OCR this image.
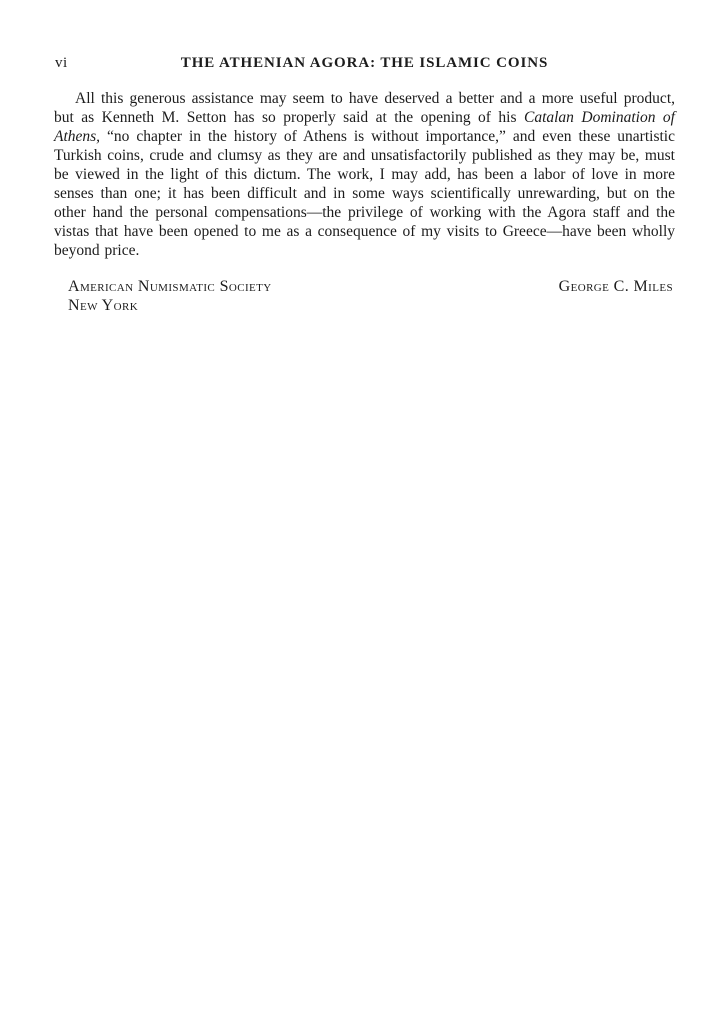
vi	THE ATHENIAN AGORA: THE ISLAMIC COINS

All this generous assistance may seem to have deserved a better and a more useful product, but as Kenneth M. Setton has so properly said at the opening of his Catalan Domination of Athens, “no chapter in the history of Athens is without importance,” and even these unartistic Turkish coins, crude and clumsy as they are and unsatisfactorily published as they may be, must be viewed in the light of this dictum. The work, I may add, has been a labor of love in more senses than one; it has been difficult and in some ways scientifically unrewarding, but on the other hand the personal compensations—the privilege of working with the Agora staff and the vistas that have been opened to me as a consequence of my visits to Greece—have been wholly beyond price.

American Numismatic Society
New York
George C. Miles
